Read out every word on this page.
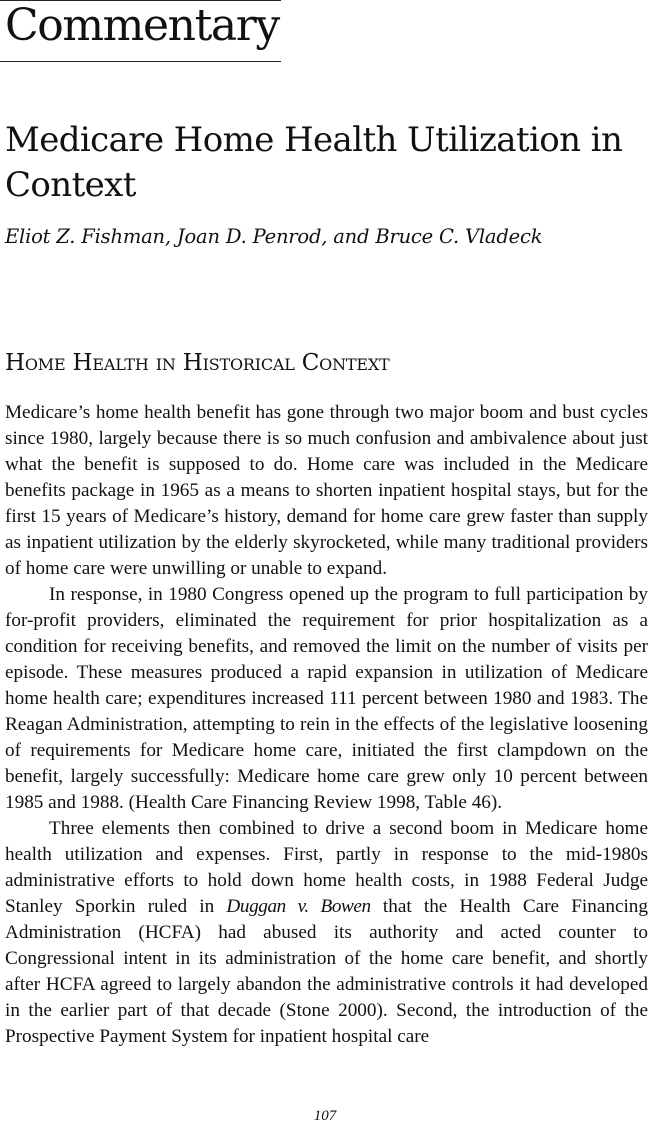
Commentary
Medicare Home Health Utilization in Context

Eliot Z. Fishman, Joan D. Penrod, and Bruce C. Vladeck

Home Health in Historical Context

Medicare’s home health benefit has gone through two major boom and bust cycles since 1980, largely because there is so much confusion and ambivalence about just what the benefit is supposed to do. Home care was included in the Medicare benefits package in 1965 as a means to shorten inpatient hospital stays, but for the first 15 years of Medicare’s history, demand for home care grew faster than supply as inpatient utilization by the elderly skyrocketed, while many traditional providers of home care were unwilling or unable to expand.

In response, in 1980 Congress opened up the program to full participation by for-profit providers, eliminated the requirement for prior hospitalization as a condition for receiving benefits, and removed the limit on the number of visits per episode. These measures produced a rapid expansion in utilization of Medicare home health care; expenditures increased 111 percent between 1980 and 1983. The Reagan Administration, attempting to rein in the effects of the legislative loosening of requirements for Medicare home care, initiated the first clampdown on the benefit, largely successfully: Medicare home care grew only 10 percent between 1985 and 1988. (Health Care Financing Review 1998, Table 46).

Three elements then combined to drive a second boom in Medicare home health utilization and expenses. First, partly in response to the mid-1980s administrative efforts to hold down home health costs, in 1988 Federal Judge Stanley Sporkin ruled in Duggan v. Bowen that the Health Care Financing Administration (HCFA) had abused its authority and acted counter to Congressional intent in its administration of the home care benefit, and shortly after HCFA agreed to largely abandon the administrative controls it had developed in the earlier part of that decade (Stone 2000). Second, the introduction of the Prospective Payment System for inpatient hospital care

107
